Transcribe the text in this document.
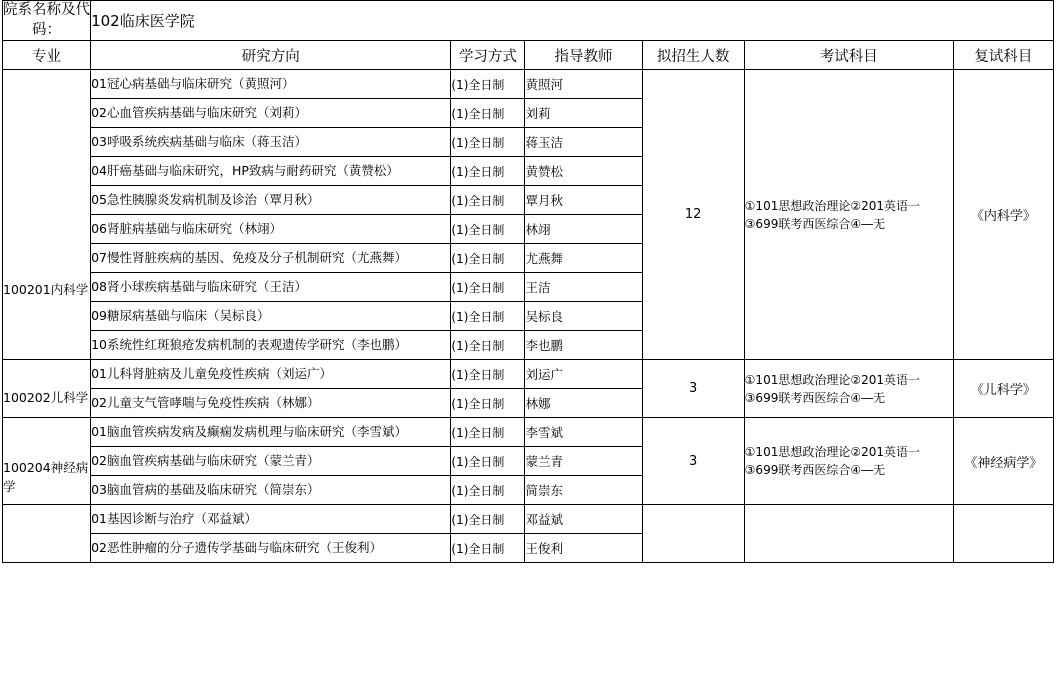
院系名称及代码：	102临床医学院					
专业	研究方向	学习方式	指导教师	拟招生人数	考试科目	复试科目

100201内科学	01冠心病基础与临床研究（黄照河）	(1)全日制	黄照河	12	①101思想政治理论②201英语一③699联考西医综合④―无	《内科学》
	02心血管疾病基础与临床研究（刘莉）	(1)全日制	刘莉			
	03呼吸系统疾病基础与临床（蒋玉洁）	(1)全日制	蒋玉洁			
	04肝癌基础与临床研究，HP致病与耐药研究（黄赞松）	(1)全日制	黄赞松			
	05急性胰腺炎发病机制及诊治（覃月秋）	(1)全日制	覃月秋			
	06肾脏病基础与临床研究（林翊）	(1)全日制	林翊			
	07慢性肾脏疾病的基因、免疫及分子机制研究（尤燕舞）	(1)全日制	尤燕舞			
	08肾小球疾病基础与临床研究（王洁）	(1)全日制	王洁			
	09糖尿病基础与临床（吴标良）	(1)全日制	吴标良			
	10系统性红斑狼疮发病机制的表观遗传学研究（李也鹏）	(1)全日制	李也鹏			

100202儿科学	01儿科肾脏病及儿童免疫性疾病（刘运广）	(1)全日制	刘运广	3	①101思想政治理论②201英语一③699联考西医综合④―无	《儿科学》
	02儿童支气管哮喘与免疫性疾病（林娜）	(1)全日制	林娜			

100204神经病学	01脑血管疾病发病及癫痫发病机理与临床研究（李雪斌）	(1)全日制	李雪斌	3	①101思想政治理论②201英语一③699联考西医综合④―无	《神经病学》
	02脑血管疾病基础与临床研究（蒙兰青）	(1)全日制	蒙兰青			
	03脑血管病的基础及临床研究（简崇东）	(1)全日制	简崇东			

	01基因诊断与治疗（邓益斌）	(1)全日制	邓益斌			
	02恶性肿瘤的分子遗传学基础与临床研究（王俊利）	(1)全日制	王俊利			
